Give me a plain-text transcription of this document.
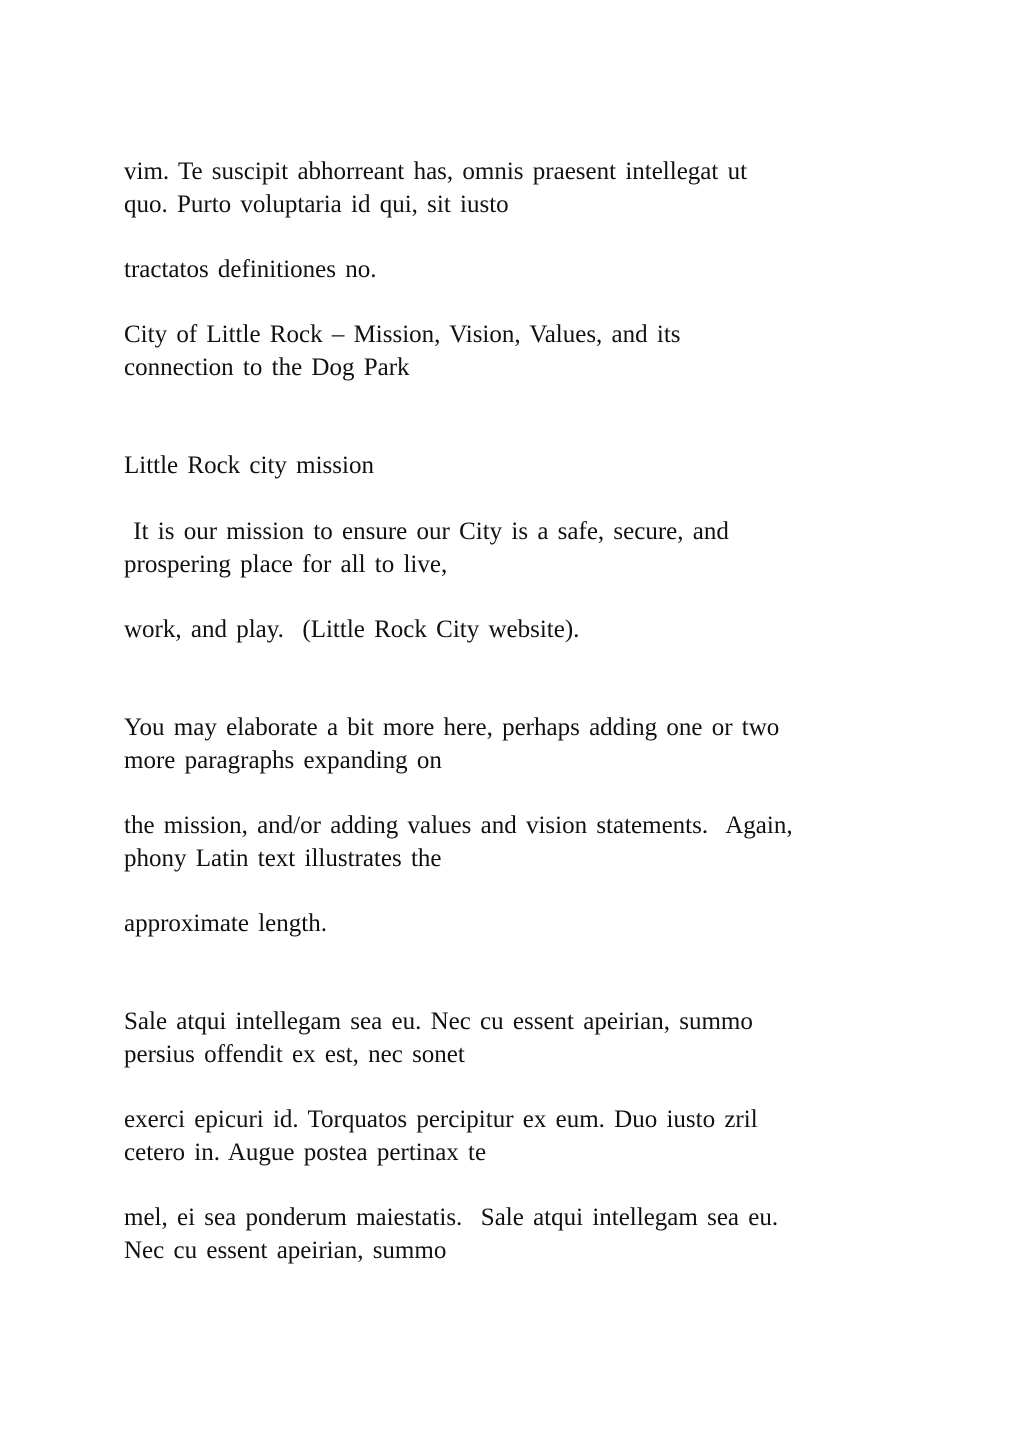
vim. Te suscipit abhorreant has, omnis praesent intellegat ut

quo. Purto voluptaria id qui, sit iusto

tractatos definitiones no.

City of Little Rock – Mission, Vision, Values, and its

connection to the Dog Park

Little Rock city mission

It is our mission to ensure our City is a safe, secure, and

prospering place for all to live,

work, and play.  (Little Rock City website).

You may elaborate a bit more here, perhaps adding one or two

more paragraphs expanding on

the mission, and/or adding values and vision statements.  Again,

phony Latin text illustrates the

approximate length.

Sale atqui intellegam sea eu. Nec cu essent apeirian, summo

persius offendit ex est, nec sonet

exerci epicuri id. Torquatos percipitur ex eum. Duo iusto zril

cetero in. Augue postea pertinax te

mel, ei sea ponderum maiestatis.  Sale atqui intellegam sea eu.

Nec cu essent apeirian, summo
